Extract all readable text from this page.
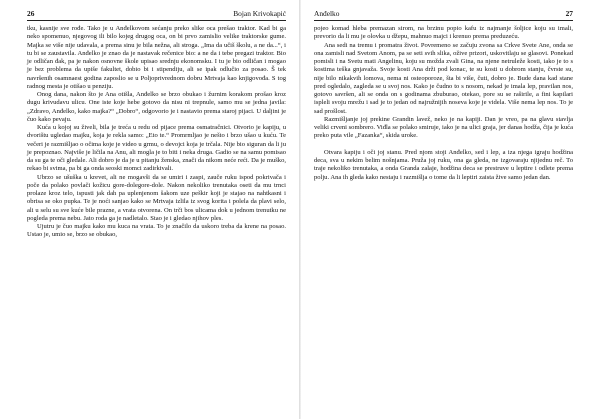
26	Bojan Krivokapić

tku, kasnije sve rođe. Tako je u Anđelkovom sećanju preko slike oca prešao traktor. Kad bi ga neko spomenuo, njegovog ili bilo kojeg drugog oca, on bi prvo zamislio velike traktorske gume. Majka se više nije udavala, a prema sinu je bila nežna, ali stroga. „Ima da učiš školu, a ne da...“, i tu bi se zaustavila. Anđelko je znao da je nastavak rečenice bio: a ne da i tebe pregazi traktor. Bio je odličan đak, pa je nakon osnovne škole upisao srednju ekonomsku. I tu je bio odličan i mogao je bez problema da upiše fakultet, dobio bi i stipendiju, ali se ipak odlučio za posao. Š tek navršenih osamnaest godina zaposlio se u Poljoprivrednom dobru Mrtvaja kao knjigovođa. S tog radnog mesta je otišao u penziju.

Onog dana, nakon što je Ana otišla, Anđelko se brzo obukao i žurnim korakom prošao kroz dugu krivudavu ulicu. One iste koje hebe gotovo da nisu ni trepnule, samo mu se jedna javila: „Zdravo, Anđelko, kako majka?“ „Dobro“, odgovorio je i nastavio prema staroj pijaci. U daljini je čuo kako pevaju.

Kuća u kojoj su živeli, bila je treća u redu od pijace prema osmatračnici. Otvorio je kapiju, u dvorištu ugledao majku, koja je rekla samo: „Eto te.“ Promrmljao je nešto i brzo ušao u kuću. Te večeri je razmišljao o očima koje je video u grmu, o devojci koja je trčala. Nije bio siguran da li ju je prepoznao. Najviše je ličila na Anu, ali mogla je to biti i neka druga. Gadio se na samu pomisao da su ga te oči gledale. Ali dobro je da je u pitanju ženska, znači da nikom neće reći. Da je muško, rekao bi svima, pa bi ga onda seoski momci zadirkivali.

Ubrzo se ušuška u krevet, ali ne mogavši da se umiri i zaspi, zauče ruku ispod pokrivača i poče da polako povlači kožicu gore-dolegore-dole. Nakon nekoliko trenutaka oseti da mu trnci prolaze kroz telo, ispusti jak dah pa uplenjenom šakom uze peškir koji je stajao na nahtkasni i obrisa se oko pupka. Te je noći sanjao kako se Mrtvaja izlila iz svog korita i polela da plavi selo, ali u selu su sve kuće bile prazne, a vrata otvorena. On trči bos ulicama dok u jednom trenutku ne pogleda prema nebu. Jato roda ga je nadletalo. Stao je i gledao njihov ples.

Ujutru je čuo majku kako mu kuca na vrata. To je značilo da uskoro treba da krene na posao. Ustao je, umio se, brzo se obukao,

Anđelko	27

pojeo komad hleba premazan sirom, na brzinu popio kafu iz najmanje šoljice koju su imali, prevorio da li mu je olovka u džepu, mahnuo majci i krenuo prema preduzeću.

Ana sedi na tremu i promatra život. Povremeno se začuju zvona sa Crkve Svete Ane, onda se ona zamisli nad Svetom Anom, pa se seti svih slika, oživе prizori, uskovitlaju se glasovi. Ponekad pomisli i na Svetu mati Angelinu, koju su možda zvali Gina, na njene netruleže kosti, iako je to s kostima teška gnjavaža. Svoje kosti Ana drži pod konac, te su kosti u dobrom stanju, čvrste su, nije bilo nikakvih lomova, nema ni osteoporoze, šta bi više, čuti, dobro je. Bude dana kad stane pred ogledalo, zagleda se u svoj nos. Kako je čudno to s nosom, nekad je imala lep, pravilan nos, gotovo savršen, ali se onda on s godinama zbuburao, otekao, pore su se raširile, a fini kapilari ispleli svoju mrežu i sad je to jedan od najružnijih noseva koje je videla. Više nema lep nos. To je sad prošlost.

Razmišljanje joj prekine Grandin lavež, neko je na kapiji. Dan je vreo, pa na glavu stavlja veliki crveni sombrero. Viđla se polako smiruje, iako je na ulici graja, jer danas hodža, čija je kuća preko puta vile „Fazanka“, skida uroke.

Otvara kapiju i oči joj stanu. Pred njom stoji Anđelko, sed i lep, a iza njega igraju hodžina deca, sva u nekim belim nošnjama. Pruža joj ruku, ona ga gleda, ne izgovaraju njijednu reč. To traje nekoliko trenutaka, a onda Granda zalaje, hodžina deca se prestruve u leptire i odlete prema polju. Ana ih gleda kako nestaju i razmišlja o tome da li leptiri zaista žive samo jedan dan.
